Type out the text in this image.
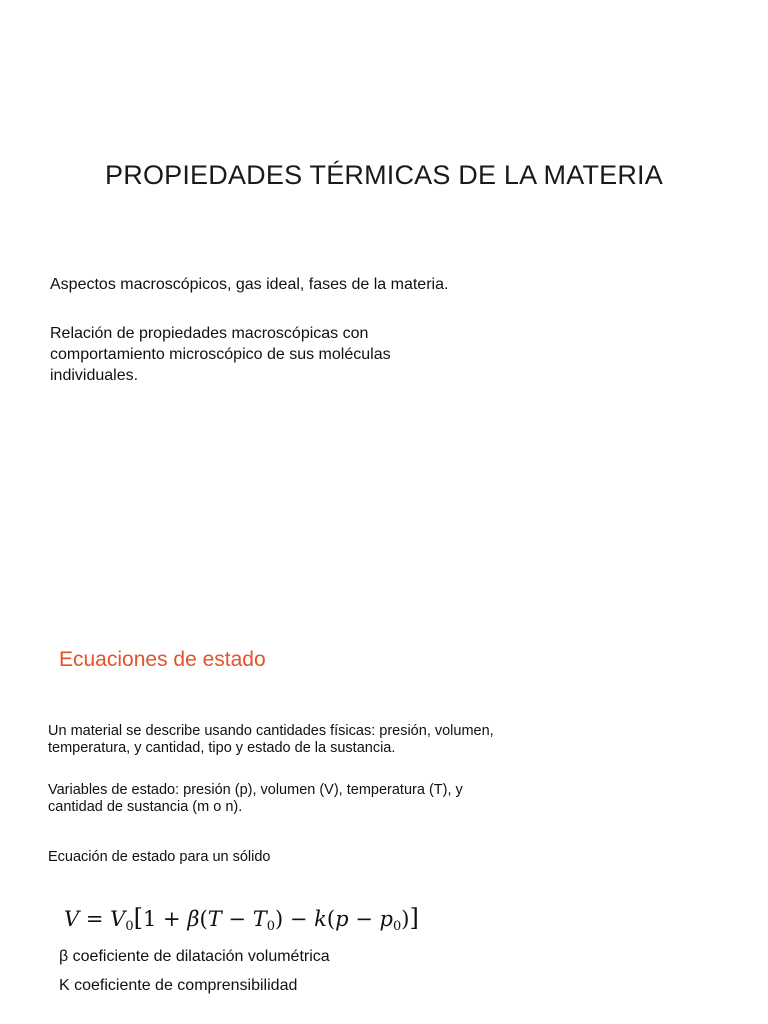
PROPIEDADES TÉRMICAS DE LA MATERIA
Aspectos macroscópicos, gas ideal, fases de la materia.
Relación de propiedades macroscópicas con comportamiento microscópico de sus moléculas individuales.
Ecuaciones de estado
Un material se describe usando cantidades físicas: presión, volumen, temperatura, y cantidad, tipo y estado de la sustancia.
Variables de estado: presión (p), volumen (V), temperatura (T), y cantidad de sustancia (m o n).
Ecuación de estado para un sólido
$V = V_0[1 + \beta(T - T_0) - k(p - p_0)]$
β coeficiente de dilatación volumétrica
K coeficiente de comprensibilidad
